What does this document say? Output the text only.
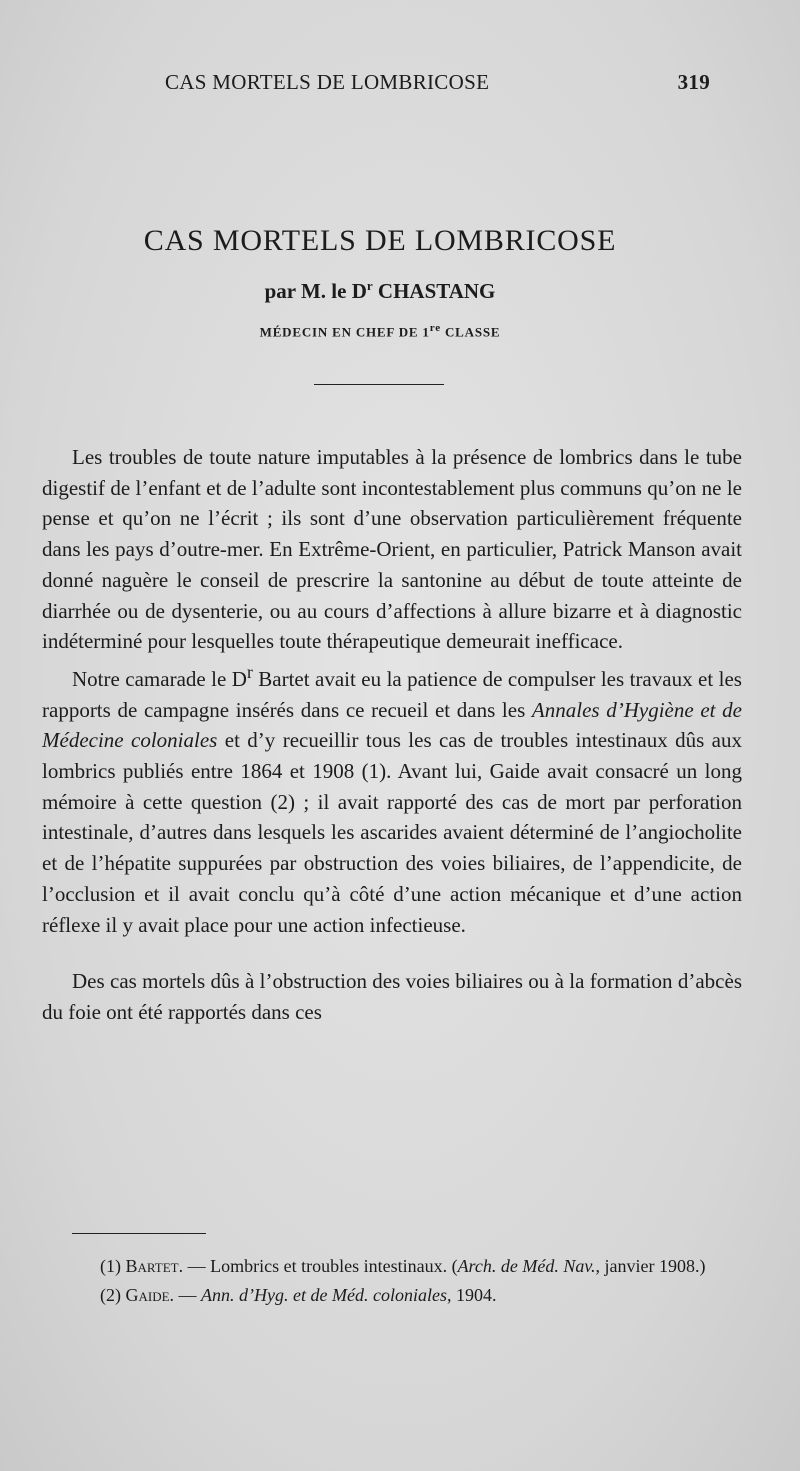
CAS MORTELS DE LOMBRICOSE	319
CAS MORTELS DE LOMBRICOSE
par M. le $D^r$ CHASTANG
MÉDECIN EN CHEF DE 1re CLASSE

Les troubles de toute nature imputables à la présence de lombrics dans le tube digestif de l’enfant et de l’adulte sont incontestablement plus communs qu’on ne le pense et qu’on ne l’écrit ; ils sont d’une observation particulièrement fréquente dans les pays d’outre-mer. En Extrême-Orient, en particulier, Patrick Manson avait donné naguère le conseil de prescrire la santonine au début de toute atteinte de diarrhée ou de dysenterie, ou au cours d’affections à allure bizarre et à diagnostic indéterminé pour lesquelles toute thérapeutique demeurait inefficace.

Notre camarade le $D^r$ Bartet avait eu la patience de compulser les travaux et les rapports de campagne insérés dans ce recueil et dans les Annales d’Hygiène et de Médecine coloniales et d’y recueillir tous les cas de troubles intestinaux dûs aux lombrics publiés entre 1864 et 1908 (1). Avant lui, Gaide avait consacré un long mémoire à cette question (2) ; il avait rapporté des cas de mort par perforation intestinale, d’autres dans lesquels les ascarides avaient déterminé de l’angiocholite et de l’hépatite suppurées par obstruction des voies biliaires, de l’appendicite, de l’occlusion et il avait conclu qu’à côté d’une action mécanique et d’une action réflexe il y avait place pour une action infectieuse.

Des cas mortels dûs à l’obstruction des voies biliaires ou à la formation d’abcès du foie ont été rapportés dans ces

(1) Bartet. — Lombrics et troubles intestinaux. (Arch. de Méd. Nav., janvier 1908.)

(2) Gaide. — Ann. d’Hyg. et de Méd. coloniales, 1904.
